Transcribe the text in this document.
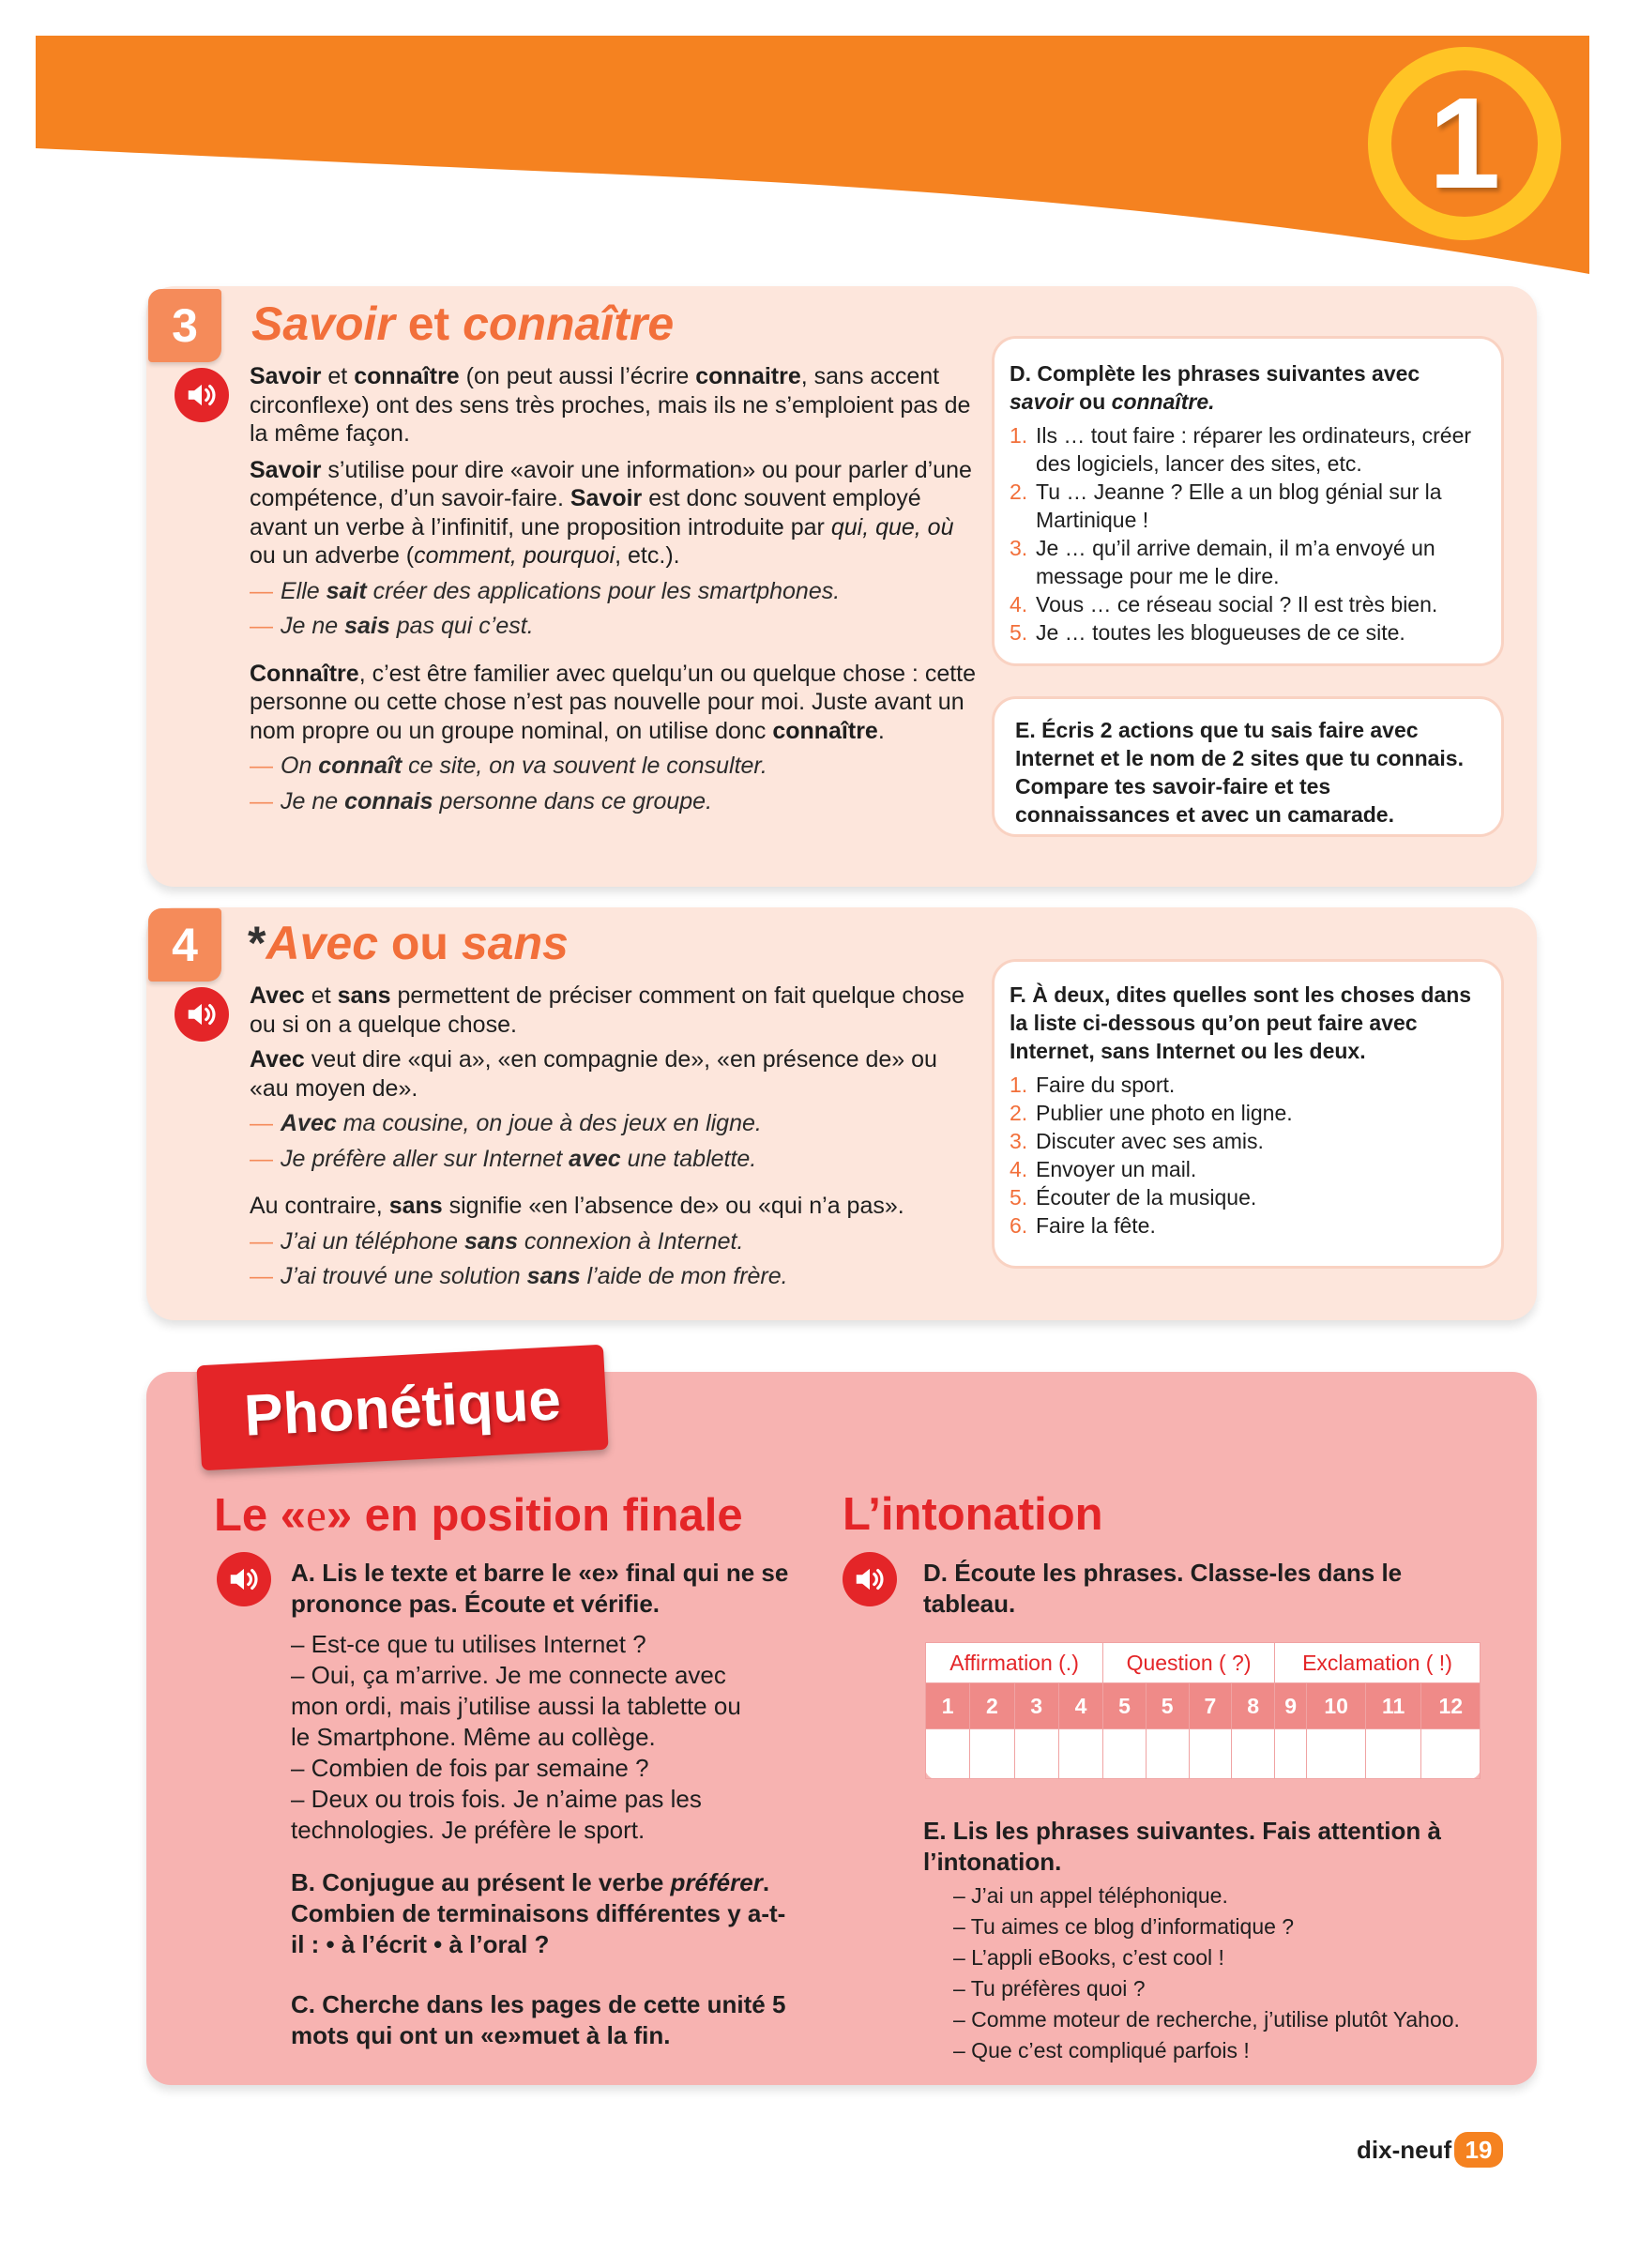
1
3 Savoir et connaître

Savoir et connaître (on peut aussi l’écrire connaitre, sans accent circonflexe) ont des sens très proches, mais ils ne s’emploient pas de la même façon.

Savoir s’utilise pour dire «avoir une information» ou pour parler d’une compétence, d’un savoir-faire. Savoir est donc souvent employé avant un verbe à l’infinitif, une proposition introduite par qui, que, où ou un adverbe (comment, pourquoi, etc.).

— Elle sait créer des applications pour les smartphones.

— Je ne sais pas qui c’est.

Connaître, c’est être familier avec quelqu’un ou quelque chose : cette personne ou cette chose n’est pas nouvelle pour moi. Juste avant un nom propre ou un groupe nominal, on utilise donc connaître.

— On connaît ce site, on va souvent le consulter.

— Je ne connais personne dans ce groupe.

D. Complète les phrases suivantes avec savoir ou connaître.
1. Ils … tout faire : réparer les ordinateurs, créer des logiciels, lancer des sites, etc.
2. Tu … Jeanne ? Elle a un blog génial sur la Martinique !
3. Je … qu’il arrive demain, il m’a envoyé un message pour me le dire.
4. Vous … ce réseau social ? Il est très bien.
5. Je … toutes les blogueuses de ce site.
E. Écris 2 actions que tu sais faire avec Internet et le nom de 2 sites que tu connais. Compare tes savoir-faire et tes connaissances et avec un camarade.
4 *Avec ou sans

Avec et sans permettent de préciser comment on fait quelque chose ou si on a quelque chose.

Avec veut dire «qui a», «en compagnie de», «en présence de» ou «au moyen de».

— Avec ma cousine, on joue à des jeux en ligne.

— Je préfère aller sur Internet avec une tablette.

Au contraire, sans signifie «en l’absence de» ou «qui n’a pas».

— J’ai un téléphone sans connexion à Internet.

— J’ai trouvé une solution sans l’aide de mon frère.

F. À deux, dites quelles sont les choses dans la liste ci-dessous qu’on peut faire avec Internet, sans Internet ou les deux.
1. Faire du sport.
2. Publier une photo en ligne.
3. Discuter avec ses amis.
4. Envoyer un mail.
5. Écouter de la musique.
6. Faire la fête.
Phonétique
Le «e» en position finale
A. Lis le texte et barre le «e» final qui ne se prononce pas. Écoute et vérifie.
– Est-ce que tu utilises Internet ?
– Oui, ça m’arrive. Je me connecte avec
mon ordi, mais j’utilise aussi la tablette ou
le Smartphone. Même au collège.
– Combien de fois par semaine ?
– Deux ou trois fois. Je n’aime pas les
technologies. Je préfère le sport.
B. Conjugue au présent le verbe préférer. Combien de terminaisons différentes y a-t-il : • à l’écrit • à l’oral ?
C. Cherche dans les pages de cette unité 5 mots qui ont un «e»muet à la fin.
L’intonation
D. Écoute les phrases. Classe-les dans le tableau.
Affirmation (.)				Question ( ?)				Exclamation ( !)			
1	2	3	4	5	5	7	8	9	10	11	12

E. Lis les phrases suivantes. Fais attention à l’intonation.
– J’ai un appel téléphonique.
– Tu aimes ce blog d’informatique ?
– L’appli eBooks, c’est cool !
– Tu préfères quoi ?
– Comme moteur de recherche, j’utilise plutôt Yahoo.
– Que c’est compliqué parfois !
dix-neuf 19
